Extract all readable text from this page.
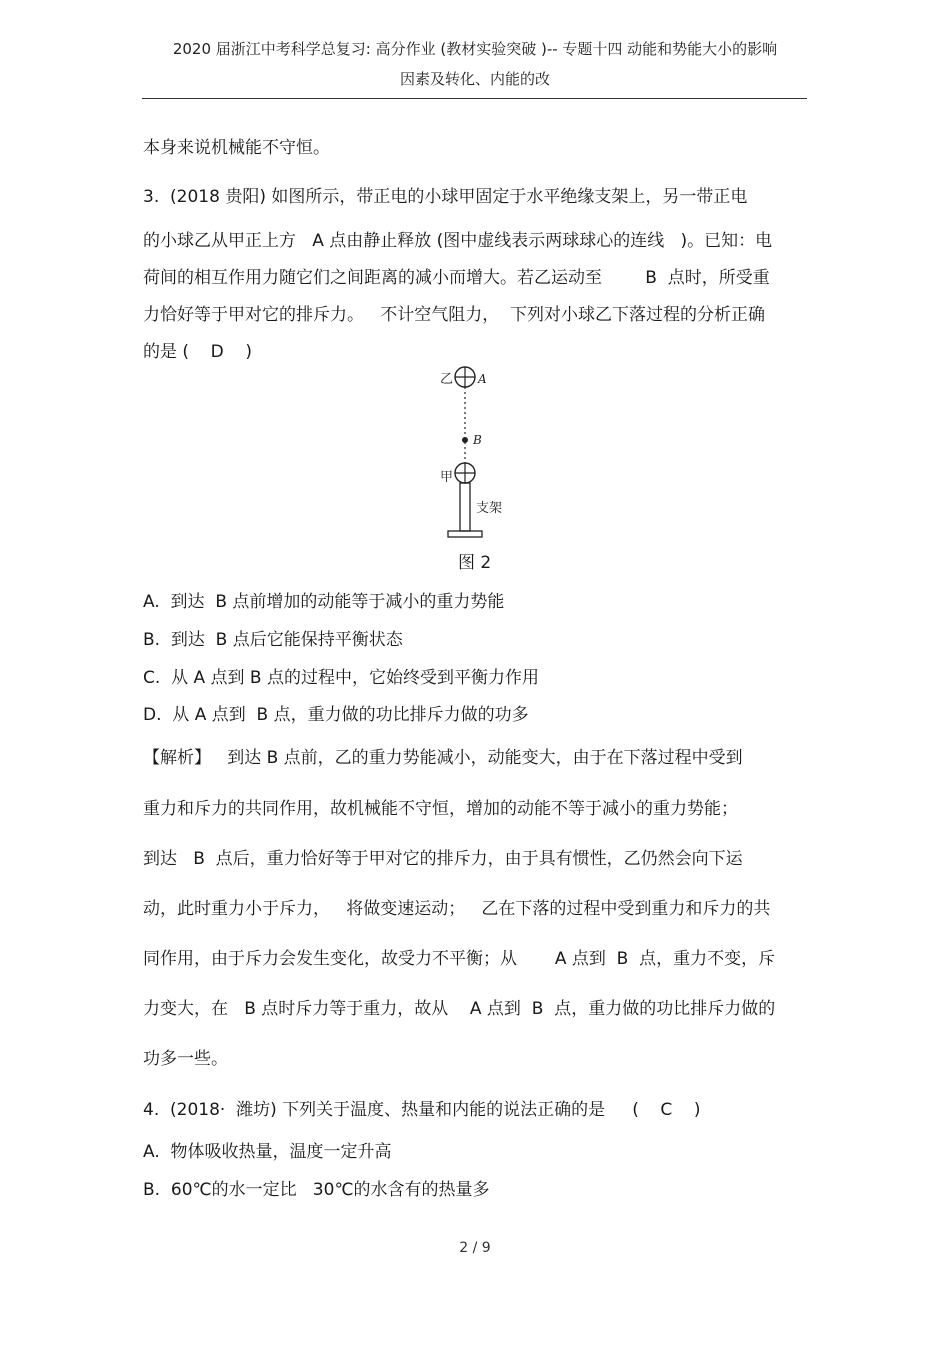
2020 届浙江中考科学总复习: 高分作业 (教材实验突破 )-- 专题十四 动能和势能大小的影响
因素及转化、内能的改
本身来说机械能不守恒。
3.  (2018 贵阳) 如图所示，带正电的小球甲固定于水平绝缘支架上，另一带正电
的小球乙从甲正上方   A 点由静止释放 (图中虚线表示两球球心的连线   )。已知：电
荷间的相互作用力随它们之间距离的减小而增大。若乙运动至        B  点时，所受重
力恰好等于甲对它的排斥力。   不计空气阻力，  下列对小球乙下落过程的分析正确
的是 (    D    )
A.  到达  B 点前增加的动能等于减小的重力势能
B.  到达  B 点后它能保持平衡状态
C.  从 A 点到 B 点的过程中，它始终受到平衡力作用
D.  从 A 点到  B 点，重力做的功比排斥力做的功多
【解析】   到达 B 点前，乙的重力势能减小，动能变大，由于在下落过程中受到
重力和斥力的共同作用，故机械能不守恒，增加的动能不等于减小的重力势能；
到达   B  点后，重力恰好等于甲对它的排斥力，由于具有惯性，乙仍然会向下运
动，此时重力小于斥力，   将做变速运动；   乙在下落的过程中受到重力和斥力的共
同作用，由于斥力会发生变化，故受力不平衡；从       A 点到  B  点，重力不变，斥
力变大，在   B 点时斥力等于重力，故从    A 点到  B  点，重力做的功比排斥力做的
功多一些。
4.  (2018·  潍坊) 下列关于温度、热量和内能的说法正确的是     (    C    )
A.  物体吸收热量，温度一定升高
B.  60℃的水一定比   30℃的水含有的热量多
乙 A
B
甲
支架
图 2
2 / 9
